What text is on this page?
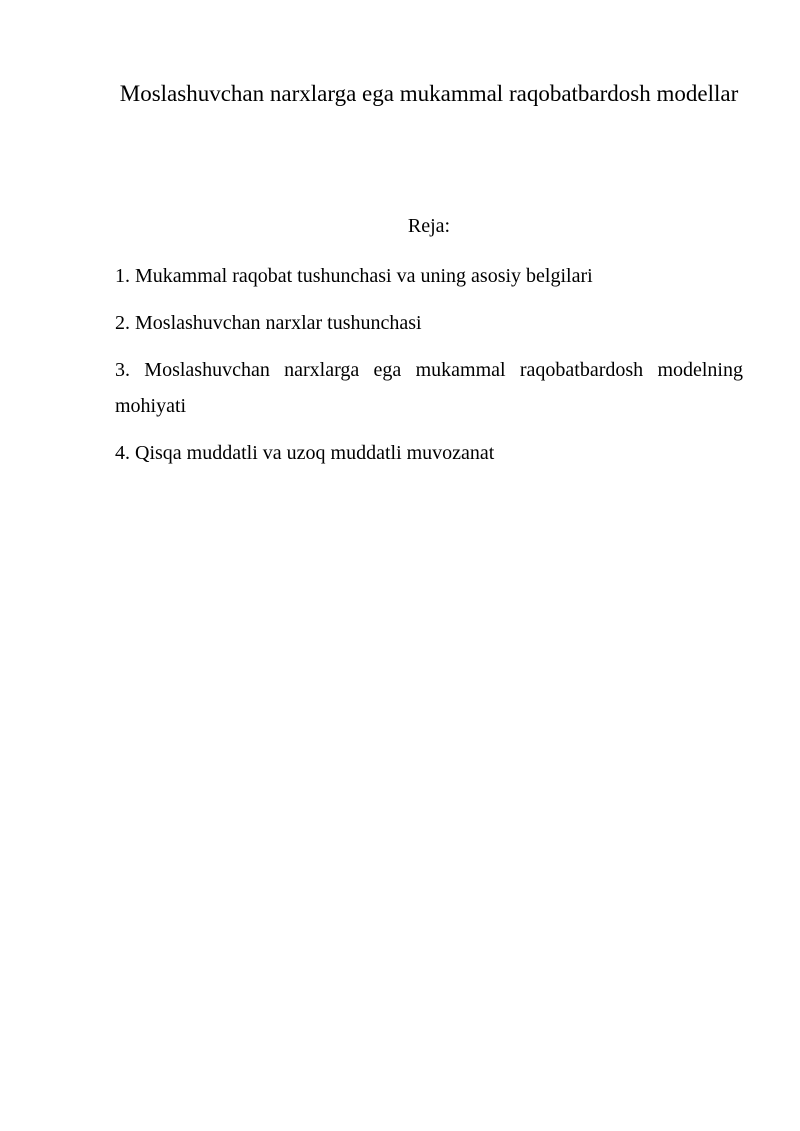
Moslashuvchan narxlarga ega mukammal raqobatbardosh modellar
Reja:
1. Mukammal raqobat tushunchasi va uning asosiy belgilari
2. Moslashuvchan narxlar tushunchasi
3. Moslashuvchan narxlarga ega mukammal raqobatbardosh modelning mohiyati
4. Qisqa muddatli va uzoq muddatli muvozanat
